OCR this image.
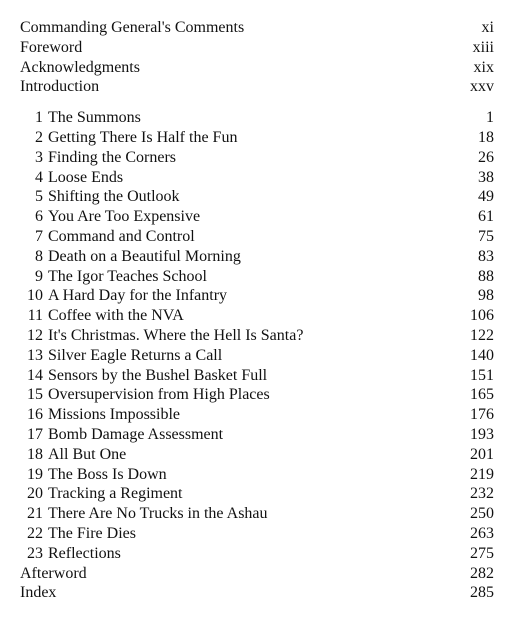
Commanding General's Comments	xi
Foreword	xiii
Acknowledgments	xix
Introduction	xxv
1 The Summons	1
2 Getting There Is Half the Fun	18
3 Finding the Corners	26
4 Loose Ends	38
5 Shifting the Outlook	49
6 You Are Too Expensive	61
7 Command and Control	75
8 Death on a Beautiful Morning	83
9 The Igor Teaches School	88
10 A Hard Day for the Infantry	98
11 Coffee with the NVA	106
12 It's Christmas. Where the Hell Is Santa?	122
13 Silver Eagle Returns a Call	140
14 Sensors by the Bushel Basket Full	151
15 Oversupervision from High Places	165
16 Missions Impossible	176
17 Bomb Damage Assessment	193
18 All But One	201
19 The Boss Is Down	219
20 Tracking a Regiment	232
21 There Are No Trucks in the Ashau	250
22 The Fire Dies	263
23 Reflections	275
Afterword	282
Index	285
